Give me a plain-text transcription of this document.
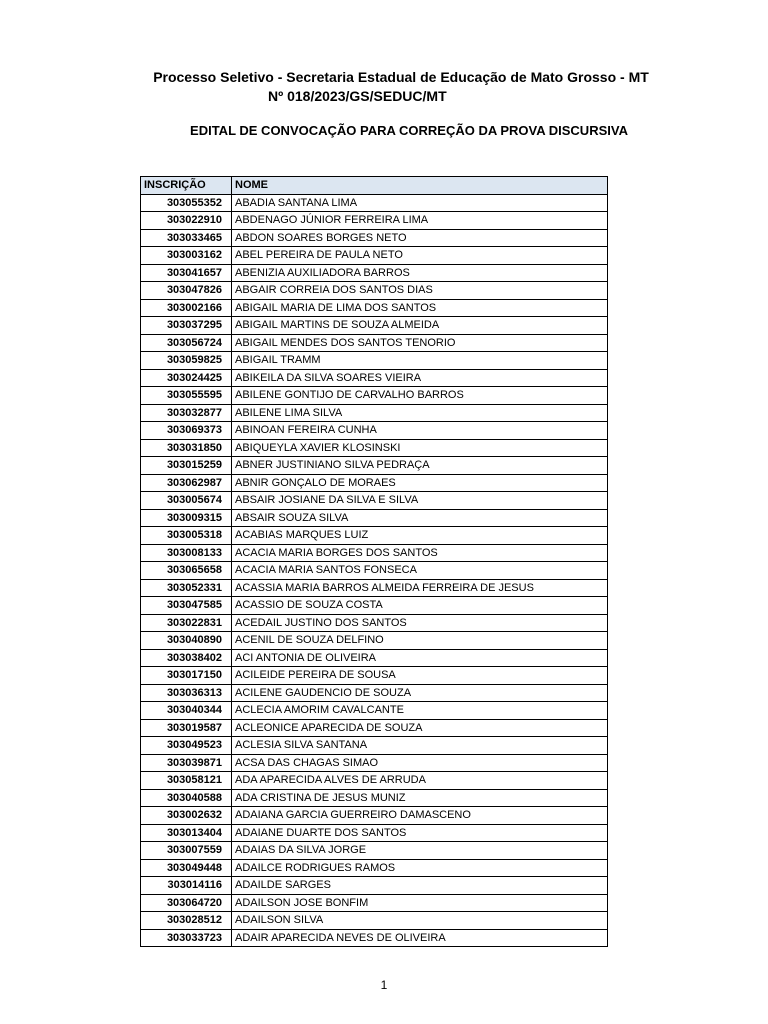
Processo Seletivo - Secretaria Estadual de Educação de Mato Grosso - MT
Nº 018/2023/GS/SEDUC/MT
EDITAL DE CONVOCAÇÃO PARA CORREÇÃO DA PROVA DISCURSIVA
INSCRIÇÃO	NOME
303055352	ABADIA SANTANA LIMA
303022910	ABDENAGO JÚNIOR FERREIRA LIMA
303033465	ABDON SOARES BORGES NETO
303003162	ABEL PEREIRA DE PAULA NETO
303041657	ABENIZIA AUXILIADORA BARROS
303047826	ABGAIR CORREIA DOS SANTOS DIAS
303002166	ABIGAIL MARIA DE LIMA DOS SANTOS
303037295	ABIGAIL MARTINS DE SOUZA ALMEIDA
303056724	ABIGAIL MENDES DOS SANTOS TENORIO
303059825	ABIGAIL TRAMM
303024425	ABIKEILA DA SILVA SOARES VIEIRA
303055595	ABILENE GONTIJO DE CARVALHO BARROS
303032877	ABILENE LIMA SILVA
303069373	ABINOAN FEREIRA CUNHA
303031850	ABIQUEYLA XAVIER KLOSINSKI
303015259	ABNER JUSTINIANO SILVA PEDRAÇA
303062987	ABNIR GONÇALO DE MORAES
303005674	ABSAIR JOSIANE DA SILVA E SILVA
303009315	ABSAIR SOUZA SILVA
303005318	ACABIAS MARQUES LUIZ
303008133	ACACIA MARIA BORGES DOS SANTOS
303065658	ACACIA MARIA SANTOS FONSECA
303052331	ACASSIA MARIA BARROS ALMEIDA FERREIRA DE JESUS
303047585	ACASSIO DE SOUZA COSTA
303022831	ACEDAIL JUSTINO DOS SANTOS
303040890	ACENIL DE SOUZA DELFINO
303038402	ACI ANTONIA DE OLIVEIRA
303017150	ACILEIDE PEREIRA DE SOUSA
303036313	ACILENE GAUDENCIO DE SOUZA
303040344	ACLECIA AMORIM CAVALCANTE
303019587	ACLEONICE APARECIDA DE SOUZA
303049523	ACLESIA SILVA SANTANA
303039871	ACSA DAS CHAGAS SIMAO
303058121	ADA APARECIDA ALVES DE ARRUDA
303040588	ADA CRISTINA DE JESUS MUNIZ
303002632	ADAIANA GARCIA GUERREIRO DAMASCENO
303013404	ADAIANE DUARTE DOS SANTOS
303007559	ADAIAS DA SILVA JORGE
303049448	ADAILCE RODRIGUES RAMOS
303014116	ADAILDE SARGES
303064720	ADAILSON JOSE BONFIM
303028512	ADAILSON SILVA
303033723	ADAIR APARECIDA NEVES DE OLIVEIRA
1
